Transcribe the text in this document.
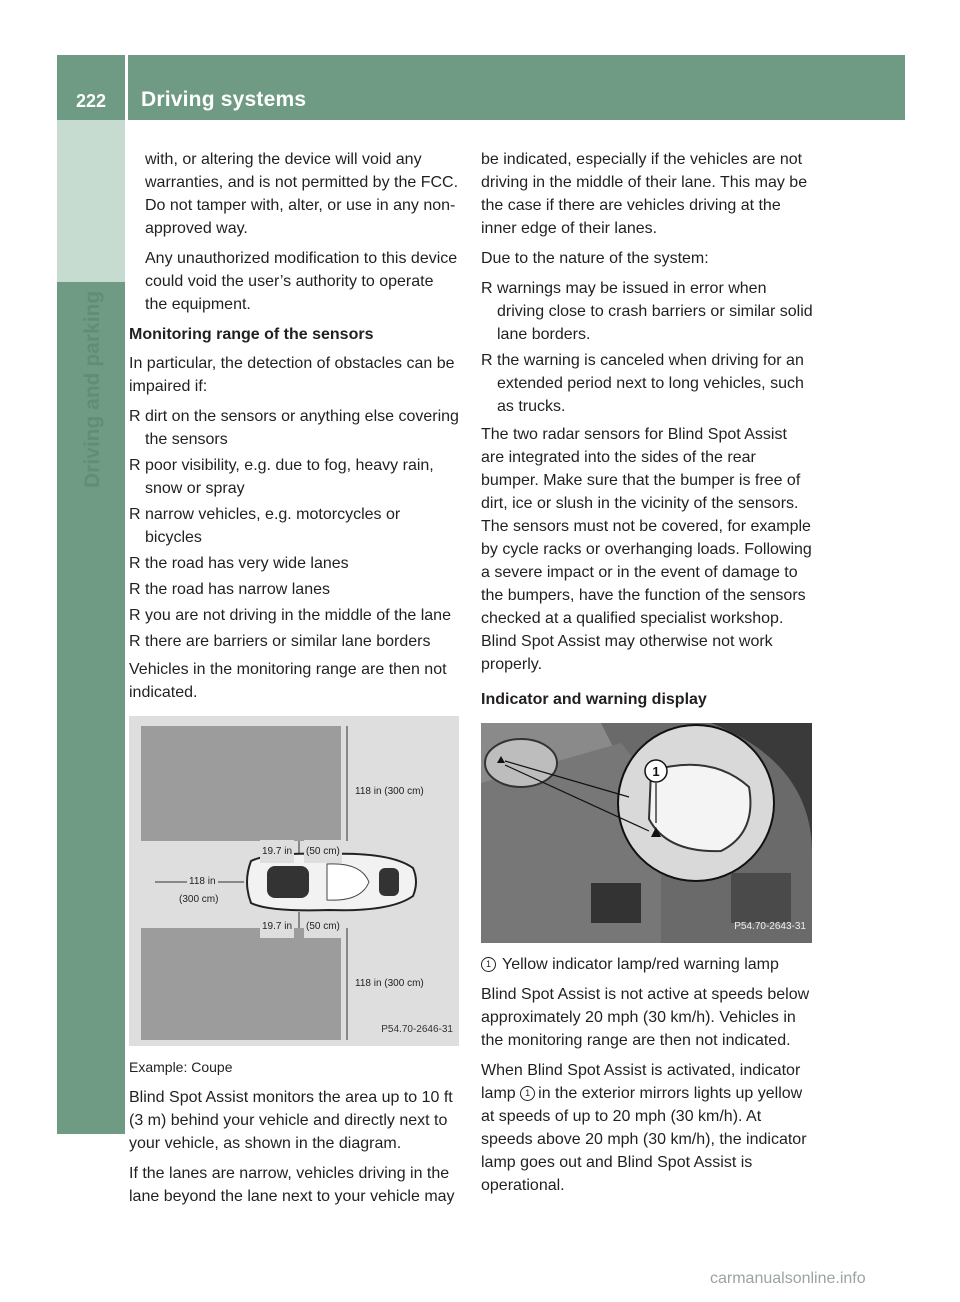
222	Driving systems
Driving and parking

with, or altering the device will void any warranties, and is not permitted by the FCC. Do not tamper with, alter, or use in any non-approved way.

Any unauthorized modification to this device could void the user’s authority to operate the equipment.

Monitoring range of the sensors

In particular, the detection of obstacles can be impaired if:

R dirt on the sensors or anything else covering the sensors
R poor visibility, e.g. due to fog, heavy rain, snow or spray
R narrow vehicles, e.g. motorcycles or bicycles
R the road has very wide lanes
R the road has narrow lanes
R you are not driving in the middle of the lane
R there are barriers or similar lane borders

Vehicles in the monitoring range are then not indicated.

118 in (300 cm)
19.7 in (50 cm)
118 in
(300 cm)
19.7 in (50 cm)
118 in (300 cm)
P54.70-2646-31

Example: Coupe

Blind Spot Assist monitors the area up to 10 ft (3 m) behind your vehicle and directly next to your vehicle, as shown in the diagram.

If the lanes are narrow, vehicles driving in the lane beyond the lane next to your vehicle may

be indicated, especially if the vehicles are not driving in the middle of their lane. This may be the case if there are vehicles driving at the inner edge of their lanes.

Due to the nature of the system:

R warnings may be issued in error when driving close to crash barriers or similar solid lane borders.
R the warning is canceled when driving for an extended period next to long vehicles, such as trucks.

The two radar sensors for Blind Spot Assist are integrated into the sides of the rear bumper. Make sure that the bumper is free of dirt, ice or slush in the vicinity of the sensors. The sensors must not be covered, for example by cycle racks or overhanging loads. Following a severe impact or in the event of damage to the bumpers, have the function of the sensors checked at a qualified specialist workshop. Blind Spot Assist may otherwise not work properly.

Indicator and warning display

1
P54.70-2643-31

1 Yellow indicator lamp/red warning lamp

Blind Spot Assist is not active at speeds below approximately 20 mph (30 km/h). Vehicles in the monitoring range are then not indicated.

When Blind Spot Assist is activated, indicator lamp 1 in the exterior mirrors lights up yellow at speeds of up to 20 mph (30 km/h). At speeds above 20 mph (30 km/h), the indicator lamp goes out and Blind Spot Assist is operational.

carmanualsonline.info
